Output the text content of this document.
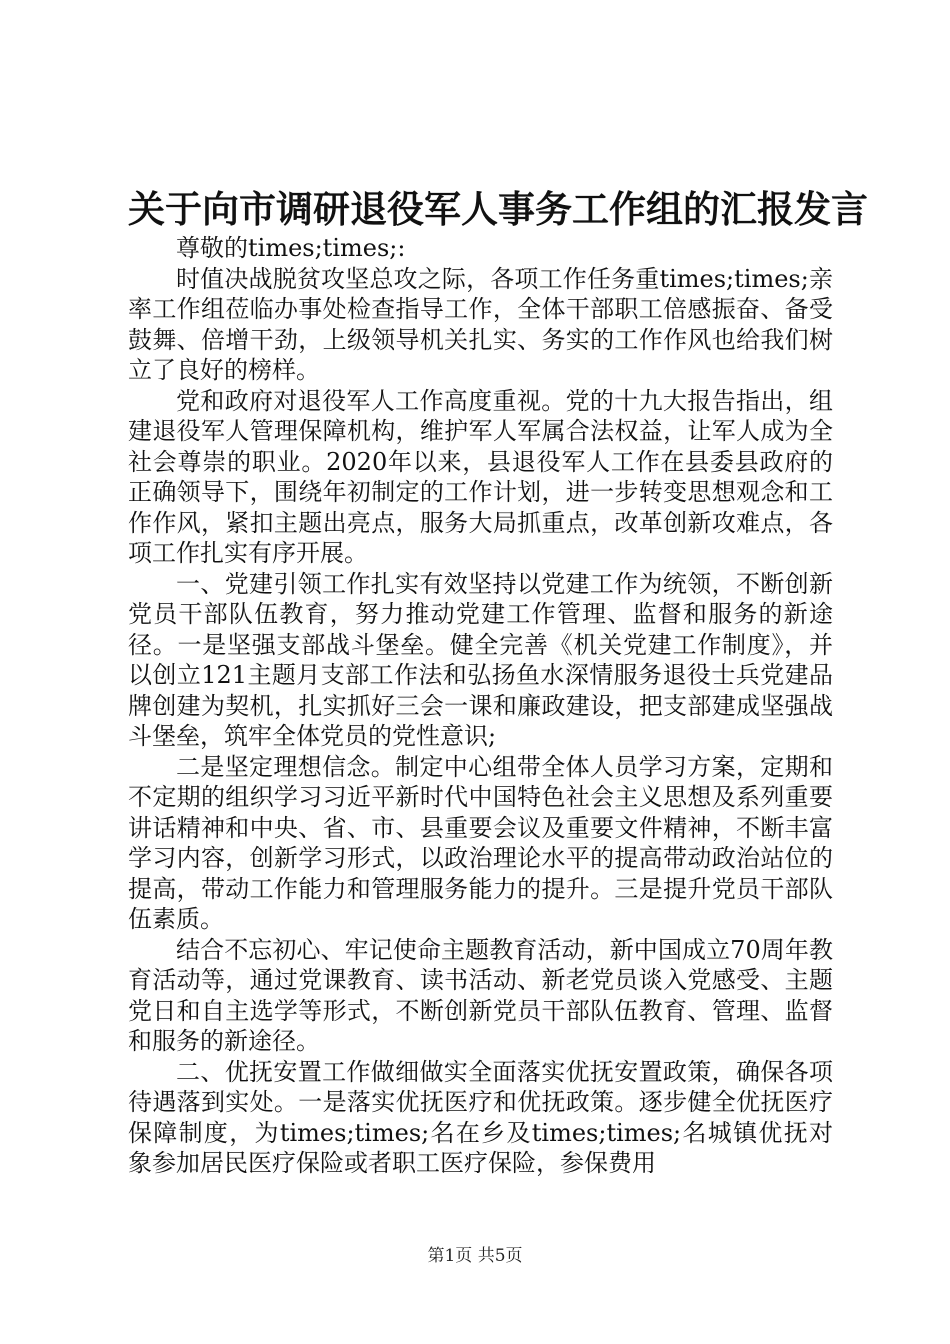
关于向市调研退役军人事务工作组的汇报发言

尊敬的times;times;:

时值决战脱贫攻坚总攻之际，各项工作任务重times;times;亲率工作组莅临办事处检查指导工作，全体干部职工倍感振奋、备受鼓舞、倍增干劲，上级领导机关扎实、务实的工作作风也给我们树立了良好的榜样。

党和政府对退役军人工作高度重视。党的十九大报告指出，组建退役军人管理保障机构，维护军人军属合法权益，让军人成为全社会尊崇的职业。2020年以来，县退役军人工作在县委县政府的正确领导下，围绕年初制定的工作计划，进一步转变思想观念和工作作风，紧扣主题出亮点，服务大局抓重点，改革创新攻难点，各项工作扎实有序开展。

一、党建引领工作扎实有效坚持以党建工作为统领，不断创新党员干部队伍教育，努力推动党建工作管理、监督和服务的新途径。一是坚强支部战斗堡垒。健全完善《机关党建工作制度》，并以创立121主题月支部工作法和弘扬鱼水深情服务退役士兵党建品牌创建为契机，扎实抓好三会一课和廉政建设，把支部建成坚强战斗堡垒，筑牢全体党员的党性意识;

二是坚定理想信念。制定中心组带全体人员学习方案，定期和不定期的组织学习习近平新时代中国特色社会主义思想及系列重要讲话精神和中央、省、市、县重要会议及重要文件精神，不断丰富学习内容，创新学习形式，以政治理论水平的提高带动政治站位的提高，带动工作能力和管理服务能力的提升。三是提升党员干部队伍素质。

结合不忘初心、牢记使命主题教育活动，新中国成立70周年教育活动等，通过党课教育、读书活动、新老党员谈入党感受、主题党日和自主选学等形式，不断创新党员干部队伍教育、管理、监督和服务的新途径。

二、优抚安置工作做细做实全面落实优抚安置政策，确保各项待遇落到实处。一是落实优抚医疗和优抚政策。逐步健全优抚医疗保障制度，为times;times;名在乡及times;times;名城镇优抚对象参加居民医疗保险或者职工医疗保险，参保费用

第1页 共5页
